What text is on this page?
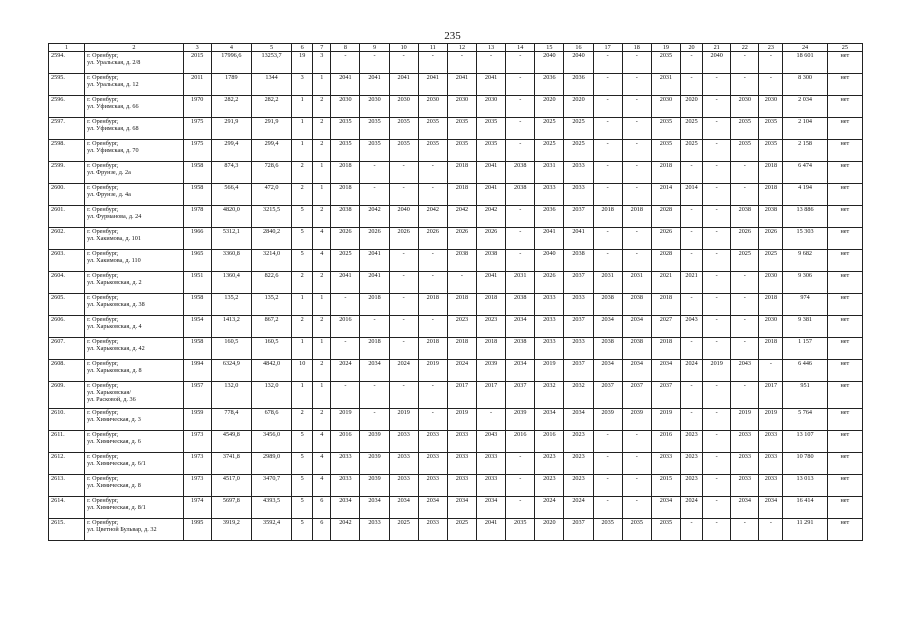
235
1	2	3	4	5	6	7	8	9	10	11	12	13	14	15	16	17	18	19	20	21	22	23	24	25
2594.	г. Оренбург,
ул. Уральская, д. 2/8	2015	17996,6	13253,7	19	3	-	-	-	-	-	-	-	2040	2040	-	-	2035	-	2040	-	-	18 601	нет
2595.	г. Оренбург,
ул. Уральская, д. 12	2011	1789	1344	3	1	2041	2041	2041	2041	2041	2041	-	2036	2036	-	-	2031	-	-	-	-	8 300	нет
2596.	г. Оренбург,
ул. Уфимская, д. 66	1970	282,2	282,2	1	2	2030	2030	2030	2030	2030	2030	-	2020	2020	-	-	2030	2020	-	2030	2030	2 034	нет
2597.	г. Оренбург,
ул. Уфимская, д. 68	1975	291,9	291,9	1	2	2035	2035	2035	2035	2035	2035	-	2025	2025	-	-	2035	2025	-	2035	2035	2 104	нет
2598.	г. Оренбург,
ул. Уфимская, д. 70	1975	299,4	299,4	1	2	2035	2035	2035	2035	2035	2035	-	2025	2025	-	-	2035	2025	-	2035	2035	2 158	нет
2599.	г. Оренбург,
ул. Фрунзе, д. 2а	1958	874,3	728,6	2	1	2018	-	-	-	2018	2041	2038	2031	2033	-	-	2018	-	-	-	2018	6 474	нет
2600.	г. Оренбург,
ул. Фрунзе, д. 4а	1958	566,4	472,0	2	1	2018	-	-	-	2018	2041	2038	2033	2033	-	-	2014	2014	-	-	2018	4 194	нет
2601.	г. Оренбург,
ул. Фурманова, д. 24	1978	4820,0	3215,5	5	2	2038	2042	2040	2042	2042	2042	-	2036	2037	2018	2018	2028	-	-	2038	2038	13 886	нет
2602.	г. Оренбург,
ул. Хакимова, д. 101	1966	5312,1	2840,2	5	4	2026	2026	2026	2026	2026	2026	-	2041	2041	-	-	2026	-	-	2026	2026	15 303	нет
2603.	г. Оренбург,
ул. Хакимова, д. 110	1965	3360,8	3214,0	5	4	2025	2041	-	-	2038	2038	-	2040	2038	-	-	2028	-	-	2025	2025	9 682	нет
2604.	г. Оренбург,
ул. Харьковская, д. 2	1951	1360,4	822,6	2	2	2041	2041	-	-	-	2041	2031	2026	2037	2031	2031	2021	2021	-	-	2030	9 306	нет
2605.	г. Оренбург,
ул. Харьковская, д. 38	1958	135,2	135,2	1	1	-	2018	-	2018	2018	2018	2038	2033	2033	2038	2038	2018	-	-	-	2018	974	нет
2606.	г. Оренбург,
ул. Харьковская, д. 4	1954	1413,2	867,2	2	2	2016	-	-	-	2023	2023	2034	2033	2037	2034	2034	2027	2043	-	-	2030	9 381	нет
2607.	г. Оренбург,
ул. Харьковская, д. 42	1958	160,5	160,5	1	1	-	2018	-	2018	2018	2018	2038	2033	2033	2038	2038	2018	-	-	-	2018	1 157	нет
2608.	г. Оренбург,
ул. Харьковская, д. 8	1994	6324,9	4842,0	10	2	2024	2034	2024	2019	2024	2039	2034	2019	2037	2034	2034	2034	2024	2019	2043	-	6 446	нет
2609.	г. Оренбург,
ул. Харьковская/
ул. Расковой, д. 36	1957	132,0	132,0	1	1	-	-	-	-	2017	2017	2037	2032	2032	2037	2037	2037	-	-	-	2017	951	нет
2610.	г. Оренбург,
ул. Химическая, д. 3	1959	778,4	678,6	2	2	2019	-	2019	-	2019	-	2039	2034	2034	2039	2039	2019	-	-	2019	2019	5 764	нет
2611.	г. Оренбург,
ул. Химическая, д. 6	1973	4549,8	3456,0	5	4	2016	2039	2033	2033	2033	2043	2016	2016	2023	-	-	2016	2023	-	2033	2033	13 107	нет
2612.	г. Оренбург,
ул. Химическая, д. 6/1	1973	3741,8	2989,0	5	4	2033	2039	2033	2033	2033	2033	-	2023	2023	-	-	2033	2023	-	2033	2033	10 780	нет
2613.	г. Оренбург,
ул. Химическая, д. 8	1973	4517,0	3470,7	5	4	2033	2039	2033	2033	2033	2033	-	2023	2023	-	-	2015	2023	-	2033	2033	13 013	нет
2614.	г. Оренбург,
ул. Химическая, д. 8/1	1974	5697,8	4393,5	5	6	2034	2034	2034	2034	2034	2034	-	2024	2024	-	-	2034	2024	-	2034	2034	16 414	нет
2615.	г. Оренбург,
ул. Цветной Бульвар, д. 32	1995	3919,2	3592,4	5	6	2042	2033	2025	2033	2025	2041	2035	2020	2037	2035	2035	2035	-	-	-	-	11 291	нет
